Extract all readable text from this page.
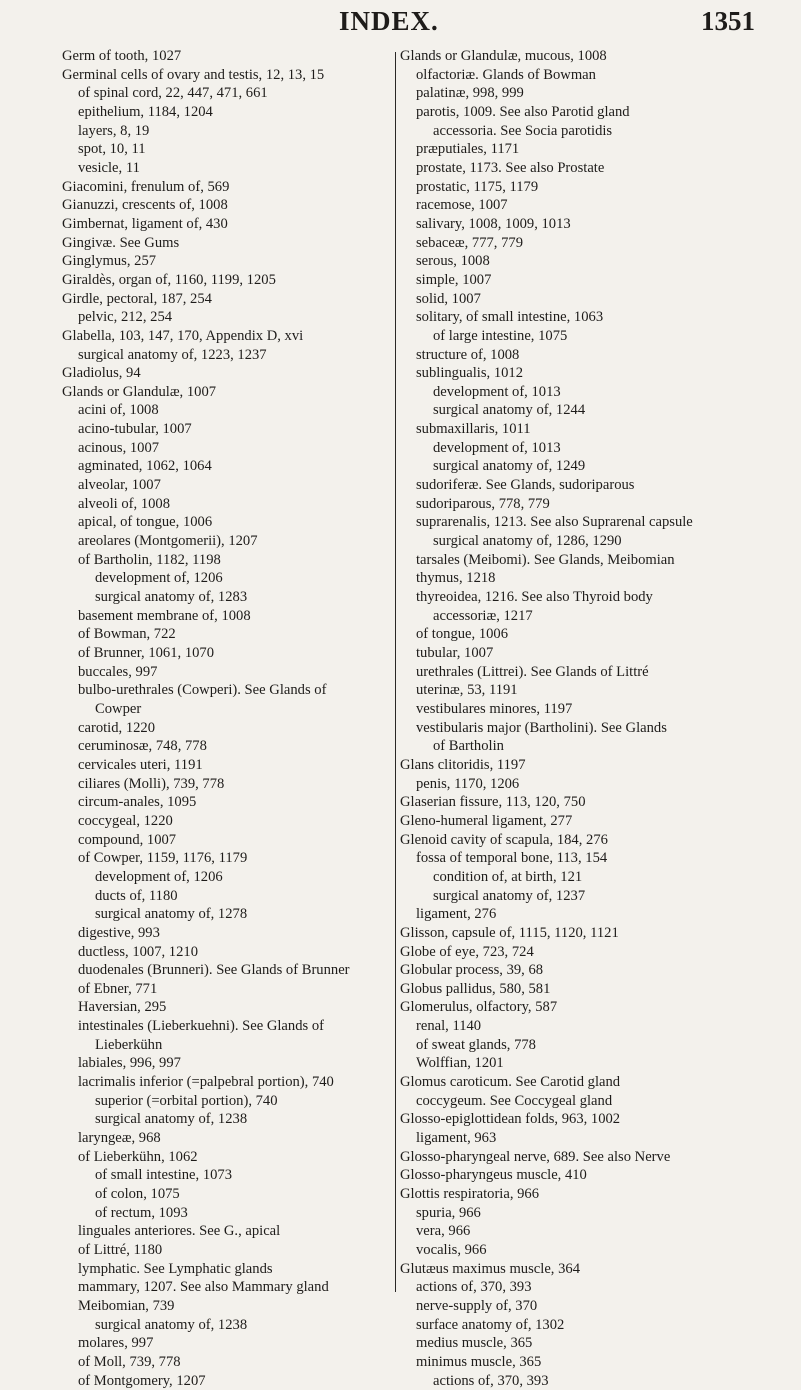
INDEX.	1351
Germ of tooth, 1027
Germinal cells of ovary and testis, 12, 13, 15
of spinal cord, 22, 447, 471, 661
epithelium, 1184, 1204
layers, 8, 19
spot, 10, 11
vesicle, 11
Giacomini, frenulum of, 569
Gianuzzi, crescents of, 1008
Gimbernat, ligament of, 430
Gingivæ. See Gums
Ginglymus, 257
Giraldès, organ of, 1160, 1199, 1205
Girdle, pectoral, 187, 254
pelvic, 212, 254
Glabella, 103, 147, 170, Appendix D, xvi
surgical anatomy of, 1223, 1237
Gladiolus, 94
Glands or Glandulæ, 1007
acini of, 1008
acino-tubular, 1007
acinous, 1007
agminated, 1062, 1064
alveolar, 1007
alveoli of, 1008
apical, of tongue, 1006
areolares (Montgomerii), 1207
of Bartholin, 1182, 1198
development of, 1206
surgical anatomy of, 1283
basement membrane of, 1008
of Bowman, 722
of Brunner, 1061, 1070
buccales, 997
bulbo-urethrales (Cowperi). See Glands of
Cowper
carotid, 1220
ceruminosæ, 748, 778
cervicales uteri, 1191
ciliares (Molli), 739, 778
circum-anales, 1095
coccygeal, 1220
compound, 1007
of Cowper, 1159, 1176, 1179
development of, 1206
ducts of, 1180
surgical anatomy of, 1278
digestive, 993
ductless, 1007, 1210
duodenales (Brunneri). See Glands of Brunner
of Ebner, 771
Haversian, 295
intestinales (Lieberkuehni). See Glands of
Lieberkühn
labiales, 996, 997
lacrimalis inferior (=palpebral portion), 740
superior (=orbital portion), 740
surgical anatomy of, 1238
laryngeæ, 968
of Lieberkühn, 1062
of small intestine, 1073
of colon, 1075
of rectum, 1093
linguales anteriores. See G., apical
of Littré, 1180
lymphatic. See Lymphatic glands
mammary, 1207. See also Mammary gland
Meibomian, 739
surgical anatomy of, 1238
molares, 997
of Moll, 739, 778
of Montgomery, 1207
Glands or Glandulæ, mucous, 1008
olfactoriæ. Glands of Bowman
palatinæ, 998, 999
parotis, 1009. See also Parotid gland
accessoria. See Socia parotidis
præputiales, 1171
prostate, 1173. See also Prostate
prostatic, 1175, 1179
racemose, 1007
salivary, 1008, 1009, 1013
sebaceæ, 777, 779
serous, 1008
simple, 1007
solid, 1007
solitary, of small intestine, 1063
of large intestine, 1075
structure of, 1008
sublingualis, 1012
development of, 1013
surgical anatomy of, 1244
submaxillaris, 1011
development of, 1013
surgical anatomy of, 1249
sudoriferæ. See Glands, sudoriparous
sudoriparous, 778, 779
suprarenalis, 1213. See also Suprarenal capsule
surgical anatomy of, 1286, 1290
tarsales (Meibomi). See Glands, Meibomian
thymus, 1218
thyreoidea, 1216. See also Thyroid body
accessoriæ, 1217
of tongue, 1006
tubular, 1007
urethrales (Littrei). See Glands of Littré
uterinæ, 53, 1191
vestibulares minores, 1197
vestibularis major (Bartholini). See Glands
of Bartholin
Glans clitoridis, 1197
penis, 1170, 1206
Glaserian fissure, 113, 120, 750
Gleno-humeral ligament, 277
Glenoid cavity of scapula, 184, 276
fossa of temporal bone, 113, 154
condition of, at birth, 121
surgical anatomy of, 1237
ligament, 276
Glisson, capsule of, 1115, 1120, 1121
Globe of eye, 723, 724
Globular process, 39, 68
Globus pallidus, 580, 581
Glomerulus, olfactory, 587
renal, 1140
of sweat glands, 778
Wolffian, 1201
Glomus caroticum. See Carotid gland
coccygeum. See Coccygeal gland
Glosso-epiglottidean folds, 963, 1002
ligament, 963
Glosso-pharyngeal nerve, 689. See also Nerve
Glosso-pharyngeus muscle, 410
Glottis respiratoria, 966
spuria, 966
vera, 966
vocalis, 966
Glutæus maximus muscle, 364
actions of, 370, 393
nerve-supply of, 370
surface anatomy of, 1302
medius muscle, 365
minimus muscle, 365
actions of, 370, 393
